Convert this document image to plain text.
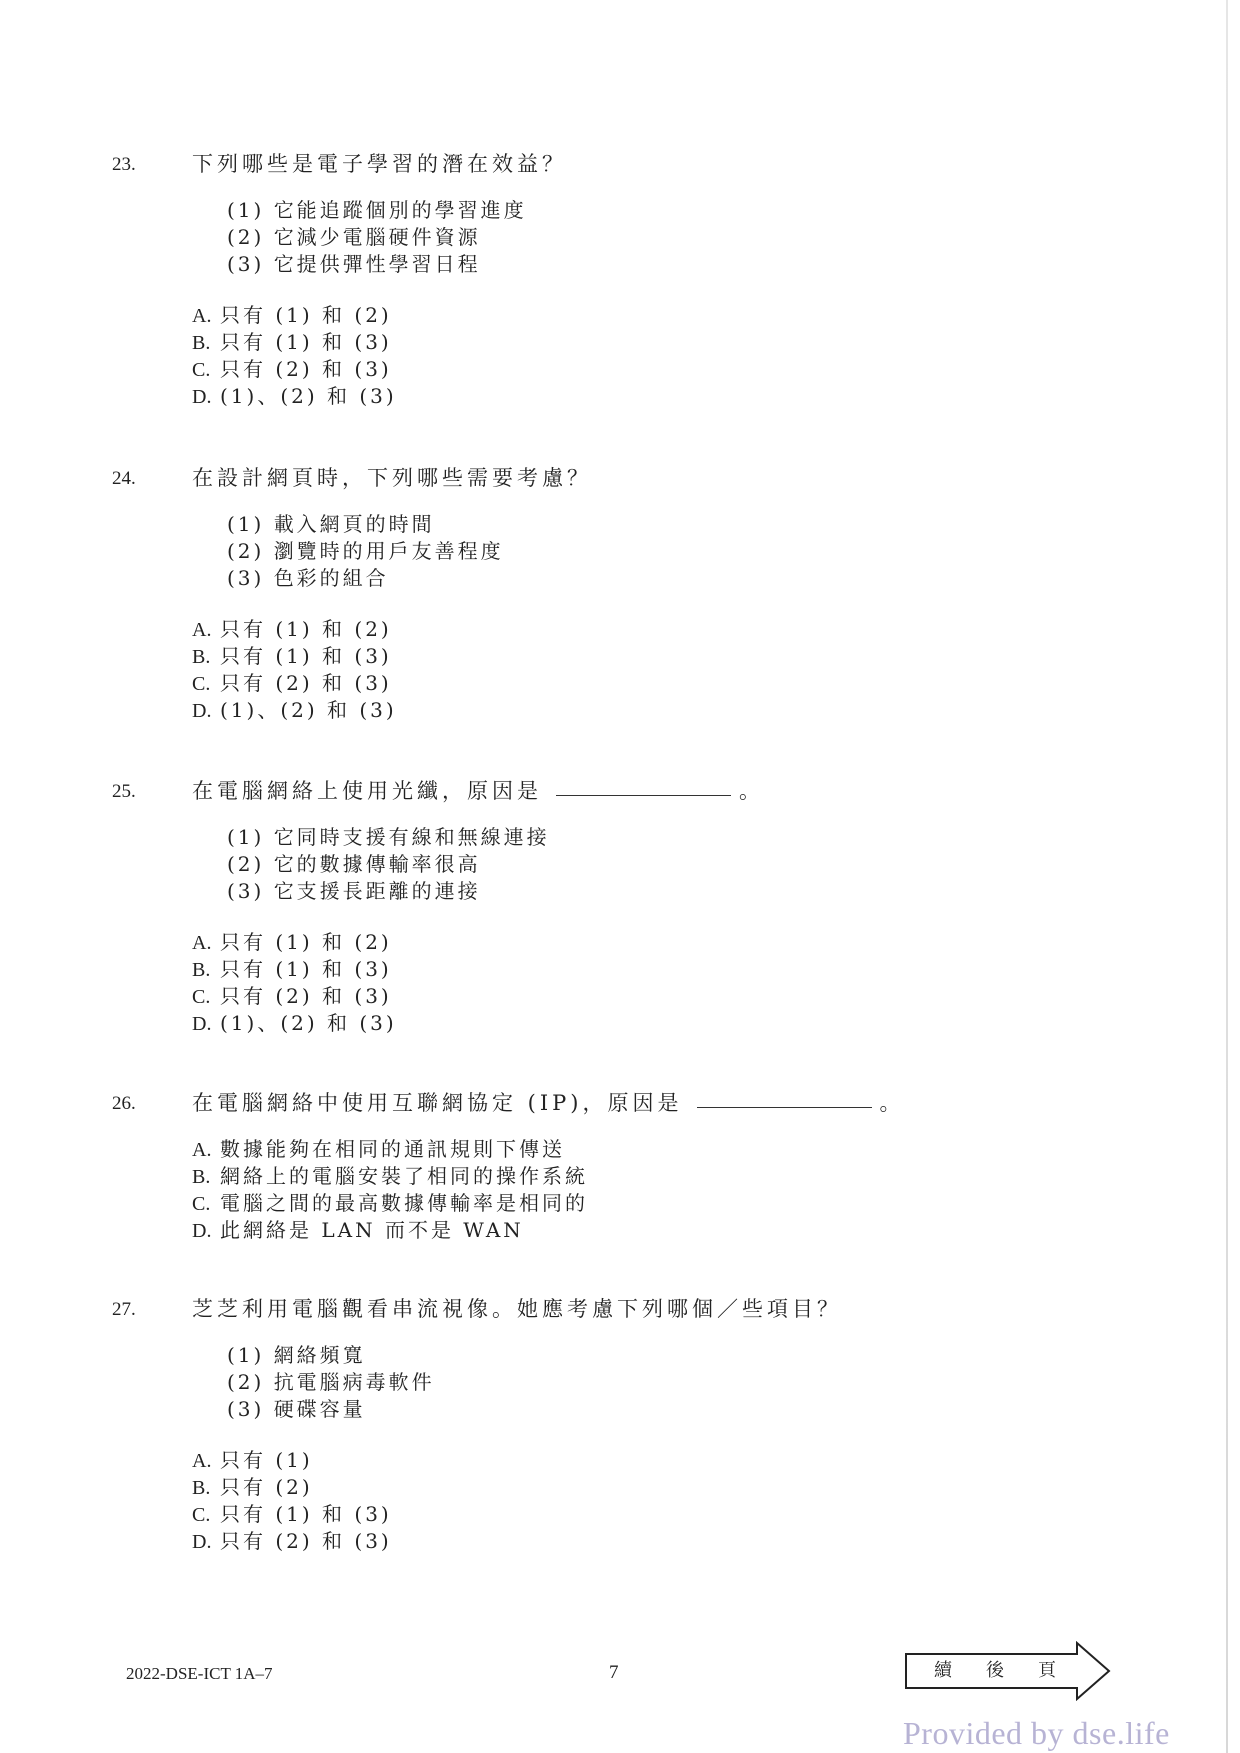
23.	下列哪些是電子學習的潛在效益？
(1) 它能追蹤個別的學習進度
(2) 它減少電腦硬件資源
(3) 它提供彈性學習日程
A. 只有 (1) 和 (2)
B. 只有 (1) 和 (3)
C. 只有 (2) 和 (3)
D. (1)、(2) 和 (3)
24.	在設計網頁時，下列哪些需要考慮？
(1) 載入網頁的時間
(2) 瀏覽時的用戶友善程度
(3) 色彩的組合
A. 只有 (1) 和 (2)
B. 只有 (1) 和 (3)
C. 只有 (2) 和 (3)
D. (1)、(2) 和 (3)
25.	在電腦網絡上使用光纖，原因是	。
(1) 它同時支援有線和無線連接
(2) 它的數據傳輸率很高
(3) 它支援長距離的連接
A. 只有 (1) 和 (2)
B. 只有 (1) 和 (3)
C. 只有 (2) 和 (3)
D. (1)、(2) 和 (3)
26.	在電腦網絡中使用互聯網協定 (IP)，原因是	。
A. 數據能夠在相同的通訊規則下傳送
B. 網絡上的電腦安裝了相同的操作系統
C. 電腦之間的最高數據傳輸率是相同的
D. 此網絡是 LAN 而不是 WAN
27.	芝芝利用電腦觀看串流視像。她應考慮下列哪個／些項目？
(1) 網絡頻寬
(2) 抗電腦病毒軟件
(3) 硬碟容量
A. 只有 (1)
B. 只有 (2)
C. 只有 (1) 和 (3)
D. 只有 (2) 和 (3)
2022-DSE-ICT 1A–7	7	續後頁
Provided by dse.life
